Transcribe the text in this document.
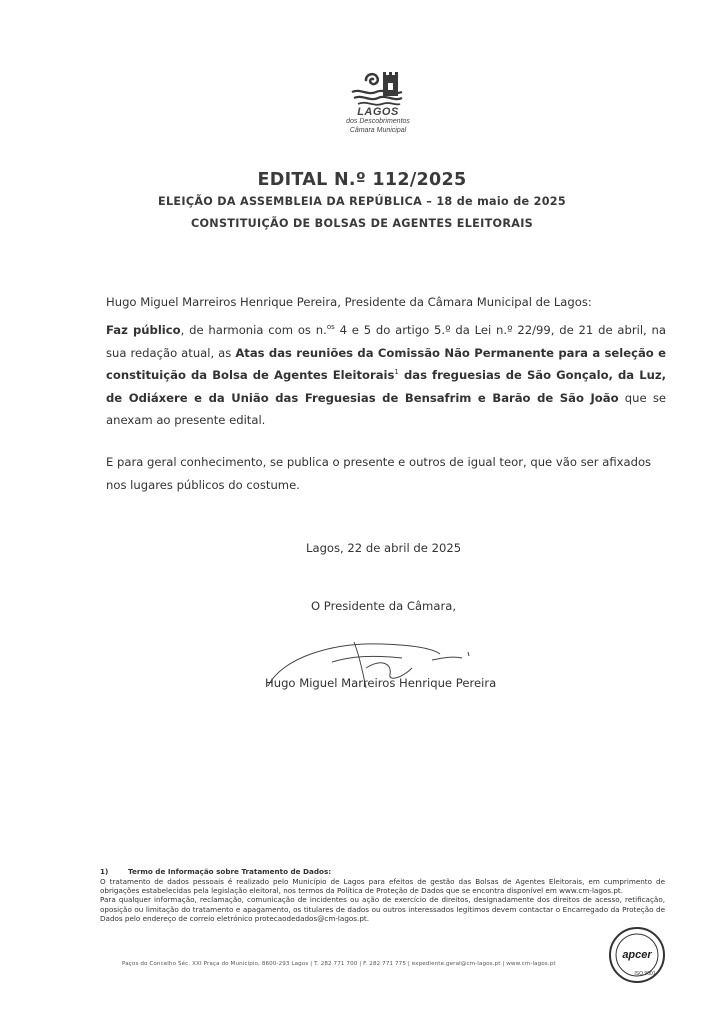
LAGOS
dos Descobrimentos
Câmara Municipal
EDITAL N.º 112/2025
ELEIÇÃO DA ASSEMBLEIA DA REPÚBLICA – 18 de maio de 2025
CONSTITUIÇÃO DE BOLSAS DE AGENTES ELEITORAIS
Hugo Miguel Marreiros Henrique Pereira, Presidente da Câmara Municipal de Lagos:
Faz público, de harmonia com os n.$^{os}$ 4 e 5 do artigo 5.º da Lei n.º 22/99, de 21 de abril, na sua redação atual, as Atas das reuniões da Comissão Não Permanente para a seleção e constituição da Bolsa de Agentes Eleitorais$^1$ das freguesias de São Gonçalo, da Luz, de Odiáxere e da União das Freguesias de Bensafrim e Barão de São João que se anexam ao presente edital.
E para geral conhecimento, se publica o presente e outros de igual teor, que vão ser afixados nos lugares públicos do costume.
Lagos, 22 de abril de 2025
O Presidente da Câmara,
Hugo Miguel Marreiros Henrique Pereira
1)	Termo de Informação sobre Tratamento de Dados:
O tratamento de dados pessoais é realizado pelo Município de Lagos para efeitos de gestão das Bolsas de Agentes Eleitorais, em cumprimento de obrigações estabelecidas pela legislação eleitoral, nos termos da Política de Proteção de Dados que se encontra disponível em www.cm-lagos.pt.
Para qualquer informação, reclamação, comunicação de incidentes ou ação de exercício de direitos, designadamente dos direitos de acesso, retificação, oposição ou limitação do tratamento e apagamento, os titulares de dados ou outros interessados legítimos devem contactar o Encarregado da Proteção de Dados pelo endereço de correio eletrónico protecaodedados@cm-lagos.pt.
Paços do Concelho Séc. XXI Praça do Município, 8600-293 Lagos | T. 282 771 700 | F. 282 771 775 | expediente.geral@cm-lagos.pt | www.cm-lagos.pt
apcer
ISO 9001
